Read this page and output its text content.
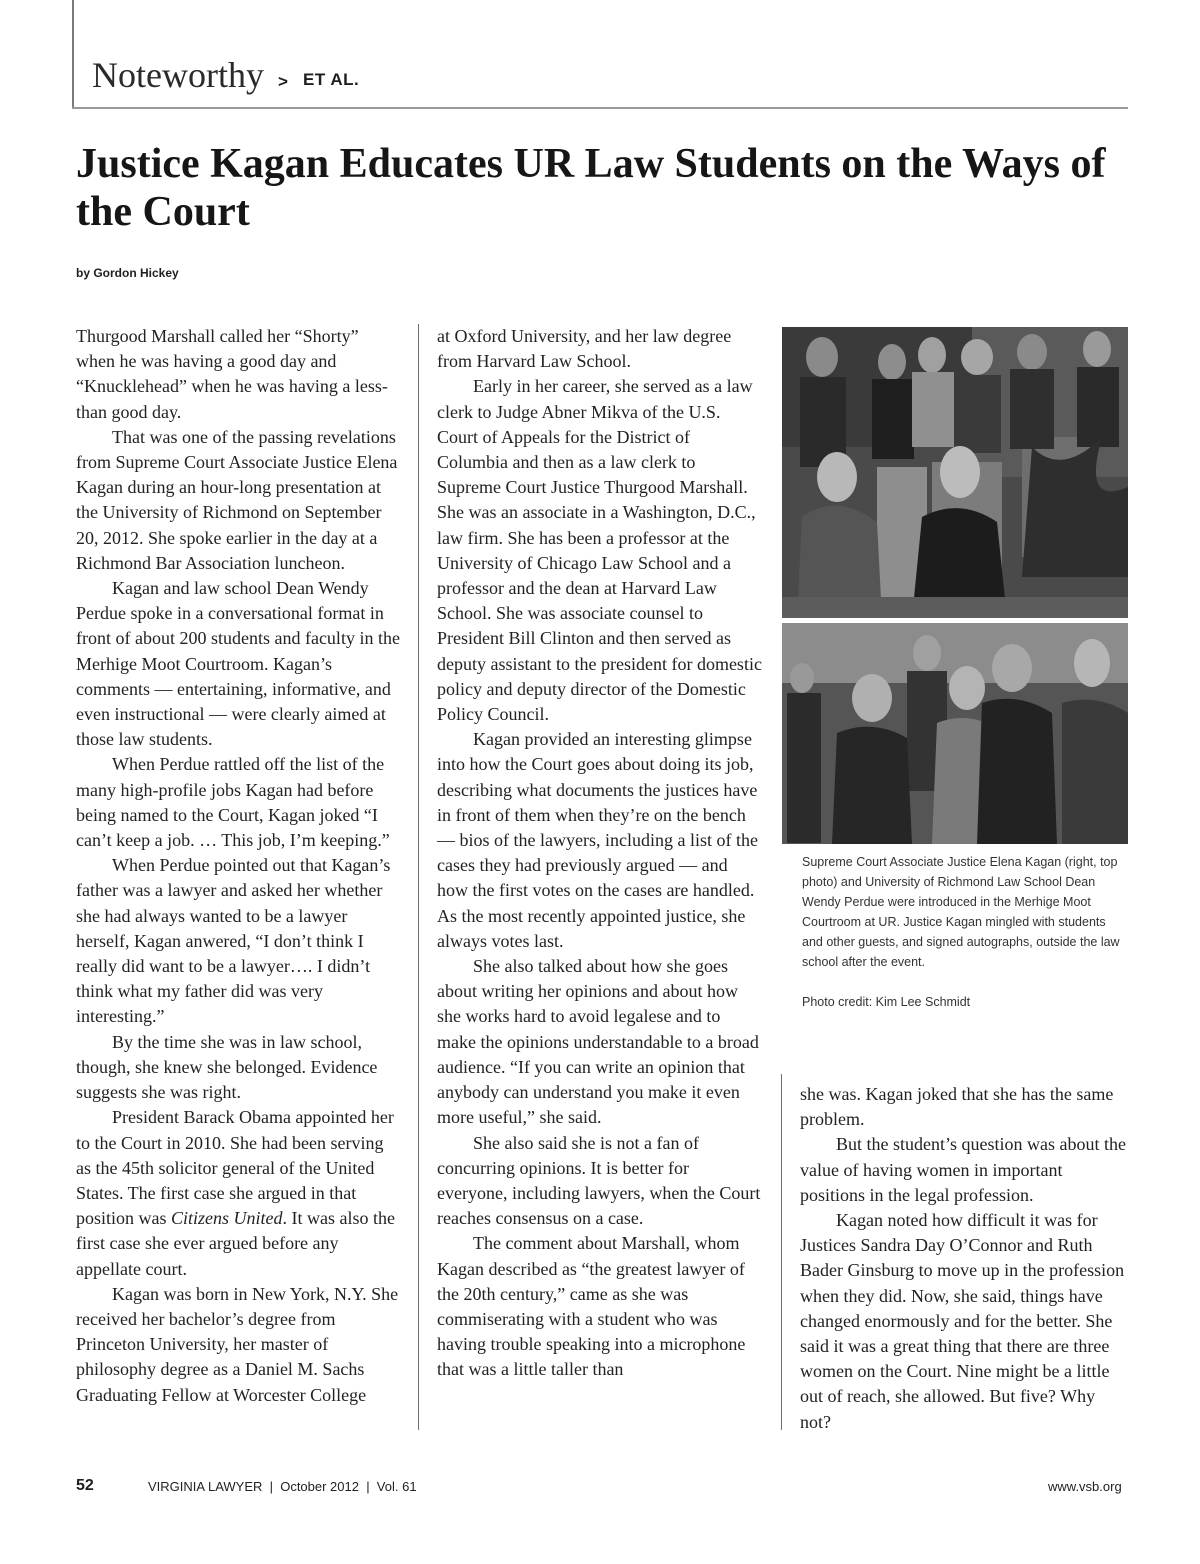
Noteworthy > ET AL.
Justice Kagan Educates UR Law Students on the Ways of the Court
by Gordon Hickey

Thurgood Marshall called her “Shorty” when he was having a good day and “Knucklehead” when he was having a less-than good day.

That was one of the passing revelations from Supreme Court Associate Justice Elena Kagan during an hour-long presentation at the University of Richmond on September 20, 2012. She spoke earlier in the day at a Richmond Bar Association luncheon.

Kagan and law school Dean Wendy Perdue spoke in a conversational format in front of about 200 students and faculty in the Merhige Moot Courtroom. Kagan’s comments — entertaining, informative, and even instructional — were clearly aimed at those law students.

When Perdue rattled off the list of the many high-profile jobs Kagan had before being named to the Court, Kagan joked “I can’t keep a job. … This job, I’m keeping.”

When Perdue pointed out that Kagan’s father was a lawyer and asked her whether she had always wanted to be a lawyer herself, Kagan anwered, “I don’t think I really did want to be a lawyer…. I didn’t think what my father did was very interesting.”

By the time she was in law school, though, she knew she belonged. Evidence suggests she was right.

President Barack Obama appointed her to the Court in 2010. She had been serving as the 45th solicitor general of the United States. The first case she argued in that position was Citizens United. It was also the first case she ever argued before any appellate court.

Kagan was born in New York, N.Y. She received her bachelor’s degree from Princeton University, her master of philosophy degree as a Daniel M. Sachs Graduating Fellow at Worcester College

at Oxford University, and her law degree from Harvard Law School.

Early in her career, she served as a law clerk to Judge Abner Mikva of the U.S. Court of Appeals for the District of Columbia and then as a law clerk to Supreme Court Justice Thurgood Marshall. She was an associate in a Washington, D.C., law firm. She has been a professor at the University of Chicago Law School and a professor and the dean at Harvard Law School. She was associate counsel to President Bill Clinton and then served as deputy assistant to the president for domestic policy and deputy director of the Domestic Policy Council.

Kagan provided an interesting glimpse into how the Court goes about doing its job, describing what documents the justices have in front of them when they’re on the bench — bios of the lawyers, including a list of the cases they had previously argued — and how the first votes on the cases are handled. As the most recently appointed justice, she always votes last.

She also talked about how she goes about writing her opinions and about how she works hard to avoid legalese and to make the opinions understandable to a broad audience. “If you can write an opinion that anybody can understand you make it even more useful,” she said.

She also said she is not a fan of concurring opinions. It is better for everyone, including lawyers, when the Court reaches consensus on a case.

The comment about Marshall, whom Kagan described as “the greatest lawyer of the 20th century,” came as she was commiserating with a student who was having trouble speaking into a microphone that was a little taller than

Supreme Court Associate Justice Elena Kagan (right, top photo) and University of Richmond Law School Dean Wendy Perdue were introduced in the Merhige Moot Courtroom at UR. Justice Kagan mingled with students and other guests, and signed autographs, outside the law school after the event.
Photo credit: Kim Lee Schmidt

she was. Kagan joked that she has the same problem.

But the student’s question was about the value of having women in important positions in the legal profession.

Kagan noted how difficult it was for Justices Sandra Day O’Connor and Ruth Bader Ginsburg to move up in the profession when they did. Now, she said, things have changed enormously and for the better. She said it was a great thing that there are three women on the Court. Nine might be a little out of reach, she allowed. But five? Why not?

52	VIRGINIA LAWYER  |  October 2012  |  Vol. 61	www.vsb.org
